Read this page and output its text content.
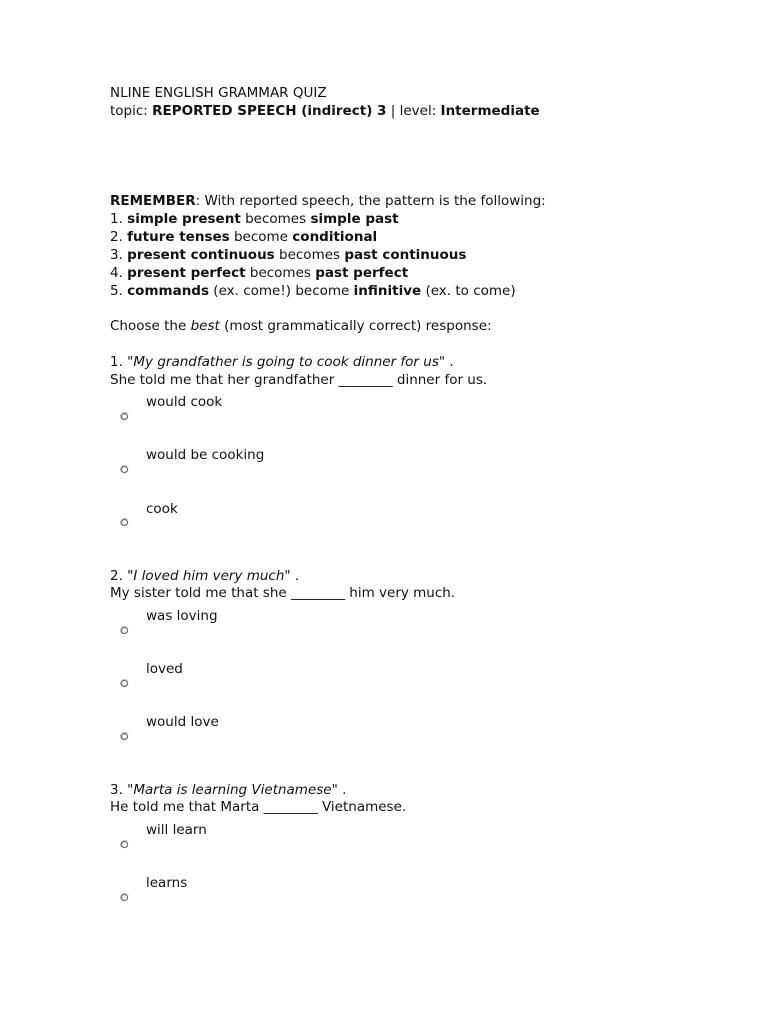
NLINE ENGLISH GRAMMAR QUIZ
topic: REPORTED SPEECH (indirect) 3 | level: Intermediate
REMEMBER: With reported speech, the pattern is the following:
1. simple present becomes simple past
2. future tenses become conditional
3. present continuous becomes past continuous
4. present perfect becomes past perfect
5. commands (ex. come!) become infinitive (ex. to come)
Choose the best (most grammatically correct) response:
1. "My grandfather is going to cook dinner for us" .
She told me that her grandfather ________ dinner for us.
would cook
would be cooking
cook
2. "I loved him very much" .
My sister told me that she ________ him very much.
was loving
loved
would love
3. "Marta is learning Vietnamese" .
He told me that Marta ________ Vietnamese.
will learn
learns
